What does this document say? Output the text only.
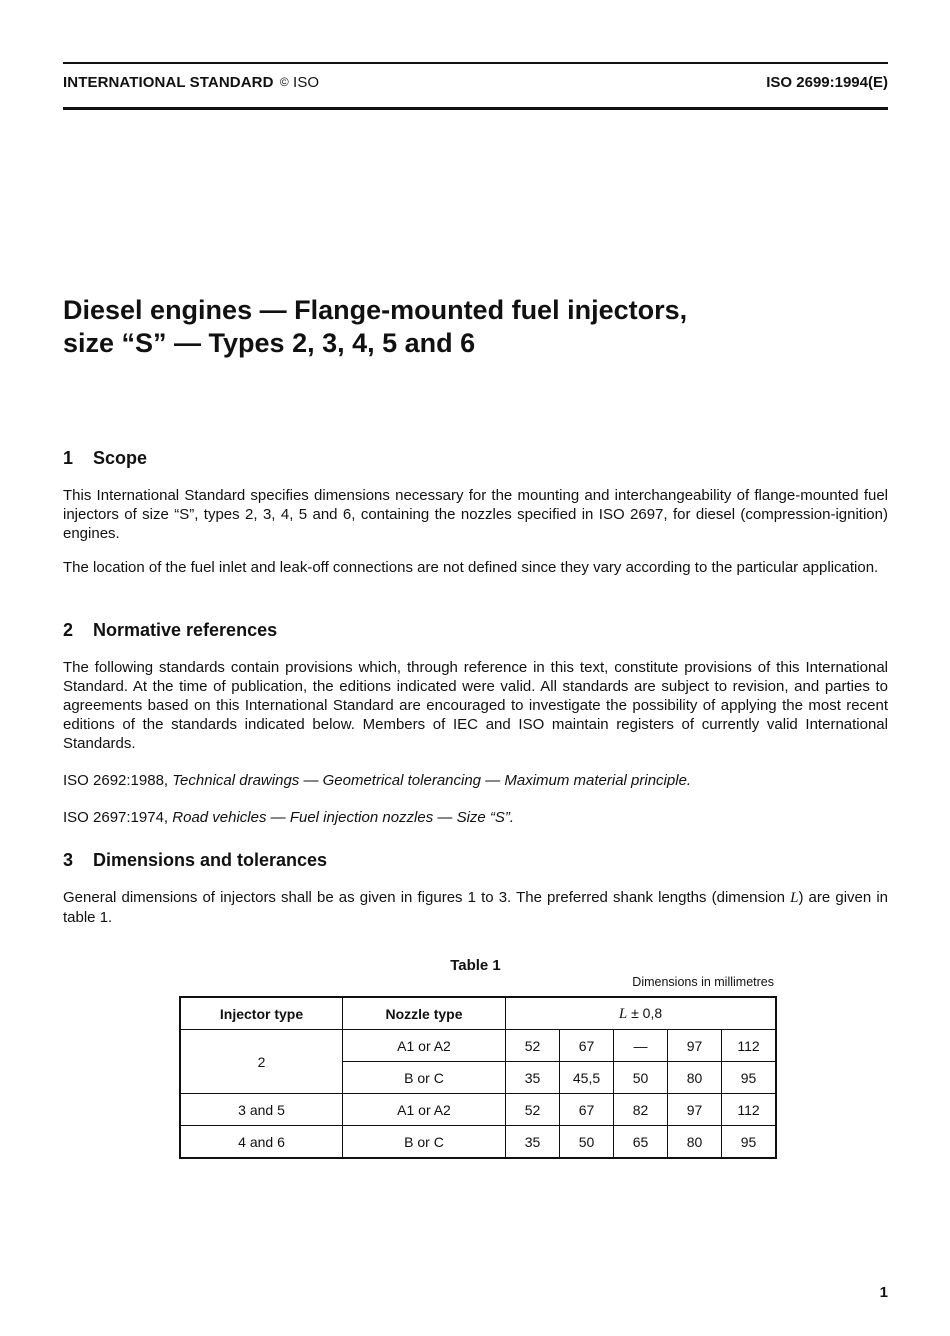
INTERNATIONAL STANDARD © ISO	ISO 2699:1994(E)
Diesel engines — Flange-mounted fuel injectors,
size “S” — Types 2, 3, 4, 5 and 6
1 Scope

This International Standard specifies dimensions necessary for the mounting and interchangeability of flange-mounted fuel injectors of size “S”, types 2, 3, 4, 5 and 6, containing the nozzles specified in ISO 2697, for diesel (compression-ignition) engines.

The location of the fuel inlet and leak-off connections are not defined since they vary according to the particular application.

2 Normative references

The following standards contain provisions which, through reference in this text, constitute provisions of this International Standard. At the time of publication, the editions indicated were valid. All standards are subject to revision, and parties to agreements based on this International Standard are encouraged to investigate the possibility of applying the most recent editions of the standards indicated below. Members of IEC and ISO maintain registers of currently valid International Standards.

ISO 2692:1988, Technical drawings — Geometrical tolerancing — Maximum material principle.

ISO 2697:1974, Road vehicles — Fuel injection nozzles — Size “S”.

3 Dimensions and tolerances

General dimensions of injectors shall be as given in figures 1 to 3. The preferred shank lengths (dimension L) are given in table 1.

Table 1
Dimensions in millimetres
Injector type	Nozzle type	L ± 0,8				
2	A1 or A2	52	67	—	97	112
	B or C	35	45,5	50	80	95
3 and 5	A1 or A2	52	67	82	97	112
4 and 6	B or C	35	50	65	80	95
1
